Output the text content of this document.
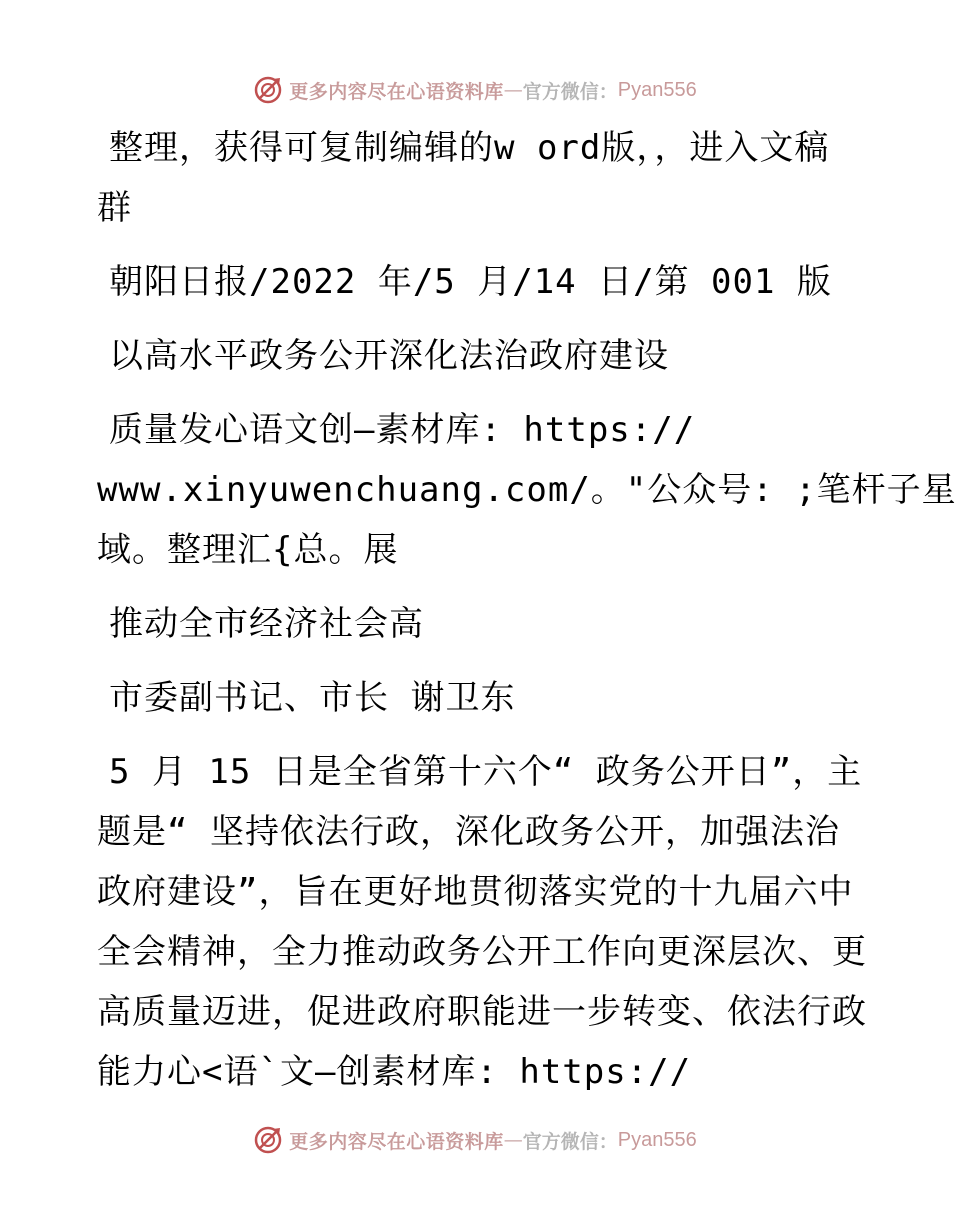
更多内容尽在心语资料库 — 官方微信： Pyan556
整理，获得可复制编辑的w ord版，，进入文稿
群
朝阳日报/2022 年/5 月/14 日/第 001 版
以高水平政务公开深化法治政府建设
质量发心语文创—素材库: https://
www.xinyuwenchuang.com/。"公众号: ;笔杆子星
域。整理汇{总。展
推动全市经济社会高
市委副书记、市长 谢卫东
5 月 15 日是全省第十六个“ 政务公开日”，主
题是“ 坚持依法行政，深化政务公开，加强法治
政府建设”，旨在更好地贯彻落实党的十九届六中
全会精神，全力推动政务公开工作向更深层次、更
高质量迈进，促进政府职能进一步转变、依法行政
能力心<语`文—创素材库: https://
更多内容尽在心语资料库 — 官方微信： Pyan556
